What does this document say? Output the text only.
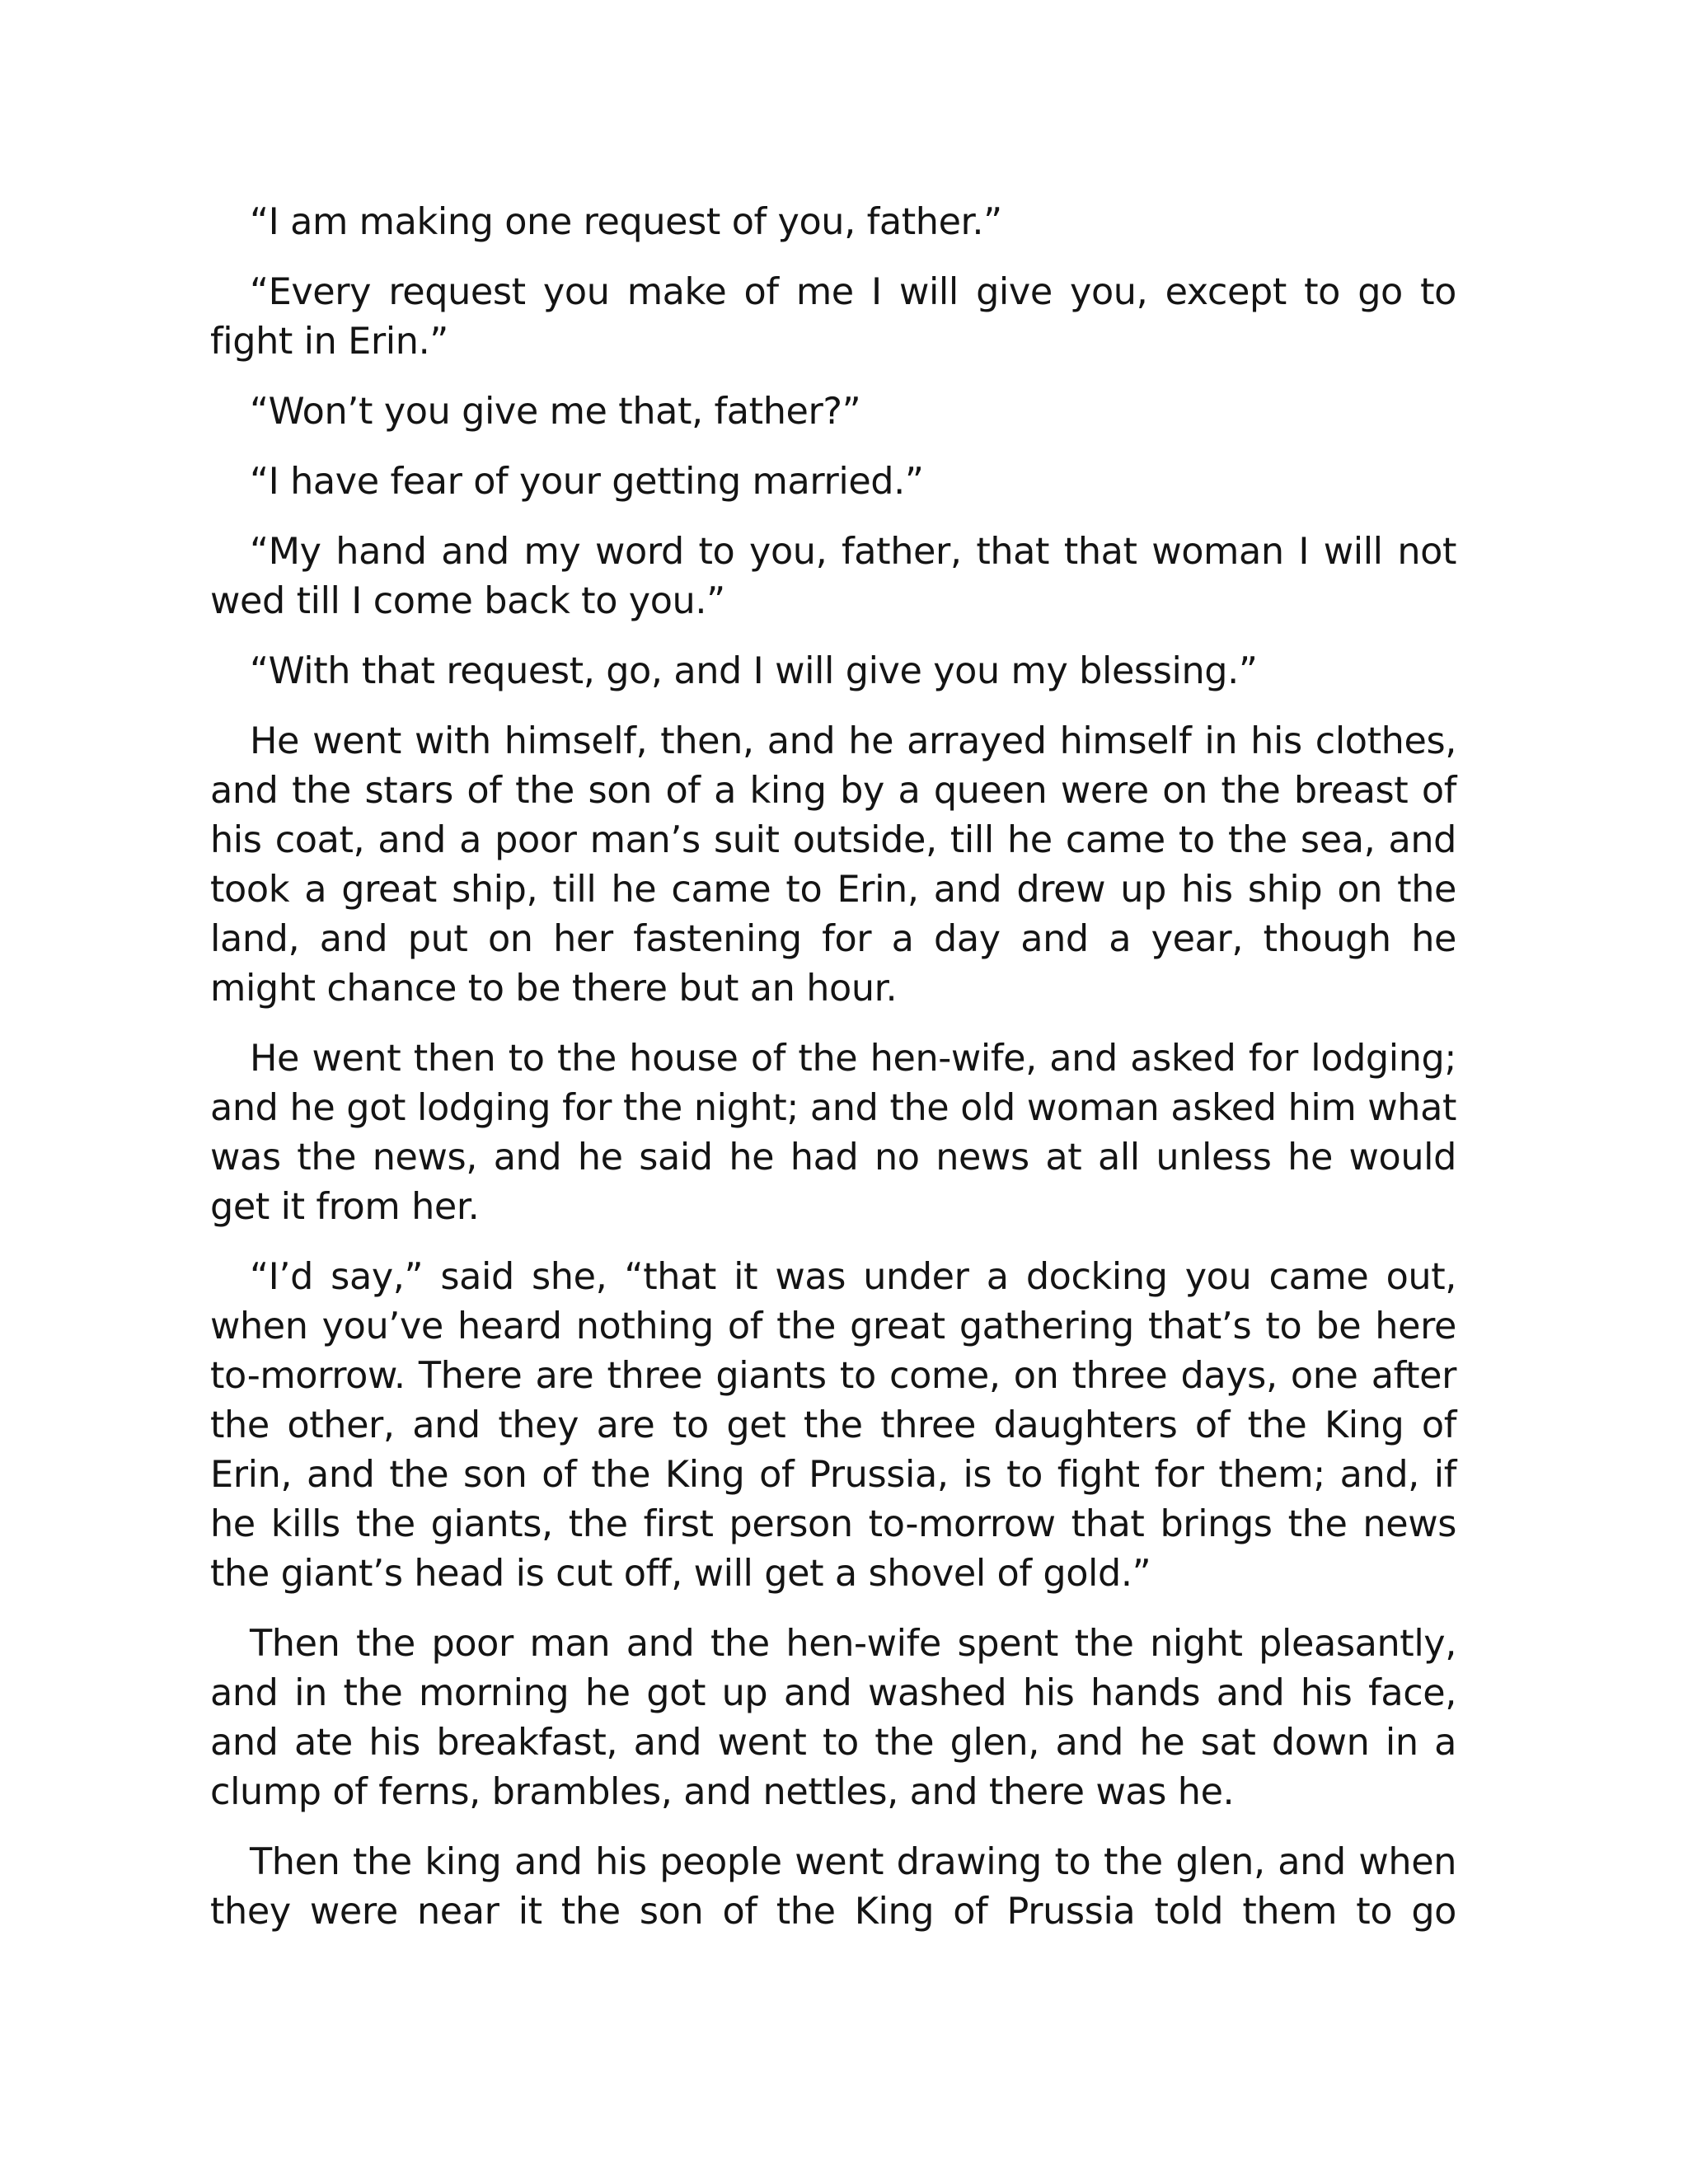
“I am making one request of you, father.”

“Every request you make of me I will give you, except to go to fight in Erin.”

“Won’t you give me that, father?”

“I have fear of your getting married.”

“My hand and my word to you, father, that that woman I will not wed till I come back to you.”

“With that request, go, and I will give you my blessing.”

He went with himself, then, and he arrayed himself in his clothes, and the stars of the son of a king by a queen were on the breast of his coat, and a poor man’s suit outside, till he came to the sea, and took a great ship, till he came to Erin, and drew up his ship on the land, and put on her fastening for a day and a year, though he might chance to be there but an hour.

He went then to the house of the hen-wife, and asked for lodging; and he got lodging for the night; and the old woman asked him what was the news, and he said he had no news at all unless he would get it from her.

“I’d say,” said she, “that it was under a docking you came out, when you’ve heard nothing of the great gathering that’s to be here to-morrow. There are three giants to come, on three days, one after the other, and they are to get the three daughters of the King of Erin, and the son of the King of Prussia, is to fight for them; and, if he kills the giants, the first person to-morrow that brings the news the giant’s head is cut off, will get a shovel of gold.”

Then the poor man and the hen-wife spent the night pleasantly, and in the morning he got up and washed his hands and his face, and ate his breakfast, and went to the glen, and he sat down in a clump of ferns, brambles, and nettles, and there was he.

Then the king and his people went drawing to the glen, and when they were near it the son of the King of Prussia told them to go
